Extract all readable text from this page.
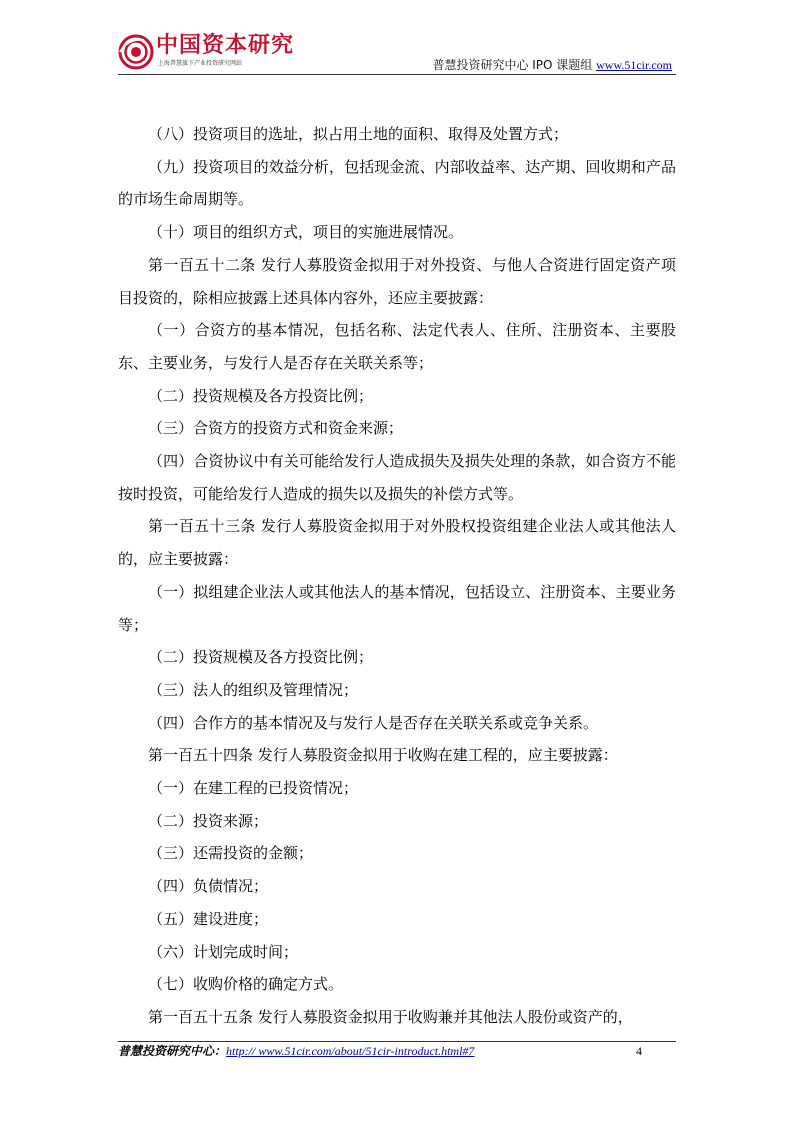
中国资本研究
上海普慧旗下产业投资研究网站	普慧投资研究中心 IPO 课题组 www.51cir.com

（八）投资项目的选址，拟占用土地的面积、取得及处置方式；

（九）投资项目的效益分析，包括现金流、内部收益率、达产期、回收期和产品的市场生命周期等。

（十）项目的组织方式，项目的实施进展情况。

第一百五十二条 发行人募股资金拟用于对外投资、与他人合资进行固定资产项目投资的，除相应披露上述具体内容外，还应主要披露：

（一）合资方的基本情况，包括名称、法定代表人、住所、注册资本、主要股东、主要业务，与发行人是否存在关联关系等；

（二）投资规模及各方投资比例；

（三）合资方的投资方式和资金来源；

（四）合资协议中有关可能给发行人造成损失及损失处理的条款，如合资方不能按时投资，可能给发行人造成的损失以及损失的补偿方式等。

第一百五十三条 发行人募股资金拟用于对外股权投资组建企业法人或其他法人的，应主要披露：

（一）拟组建企业法人或其他法人的基本情况，包括设立、注册资本、主要业务等；

（二）投资规模及各方投资比例；

（三）法人的组织及管理情况；

（四）合作方的基本情况及与发行人是否存在关联关系或竞争关系。

第一百五十四条 发行人募股资金拟用于收购在建工程的，应主要披露：

（一）在建工程的已投资情况；

（二）投资来源；

（三）还需投资的金额；

（四）负债情况；

（五）建设进度；

（六）计划完成时间；

（七）收购价格的确定方式。

第一百五十五条 发行人募股资金拟用于收购兼并其他法人股份或资产的，

普慧投资研究中心：http:// www.51cir.com/about/51cir-introduct.html#7	4
